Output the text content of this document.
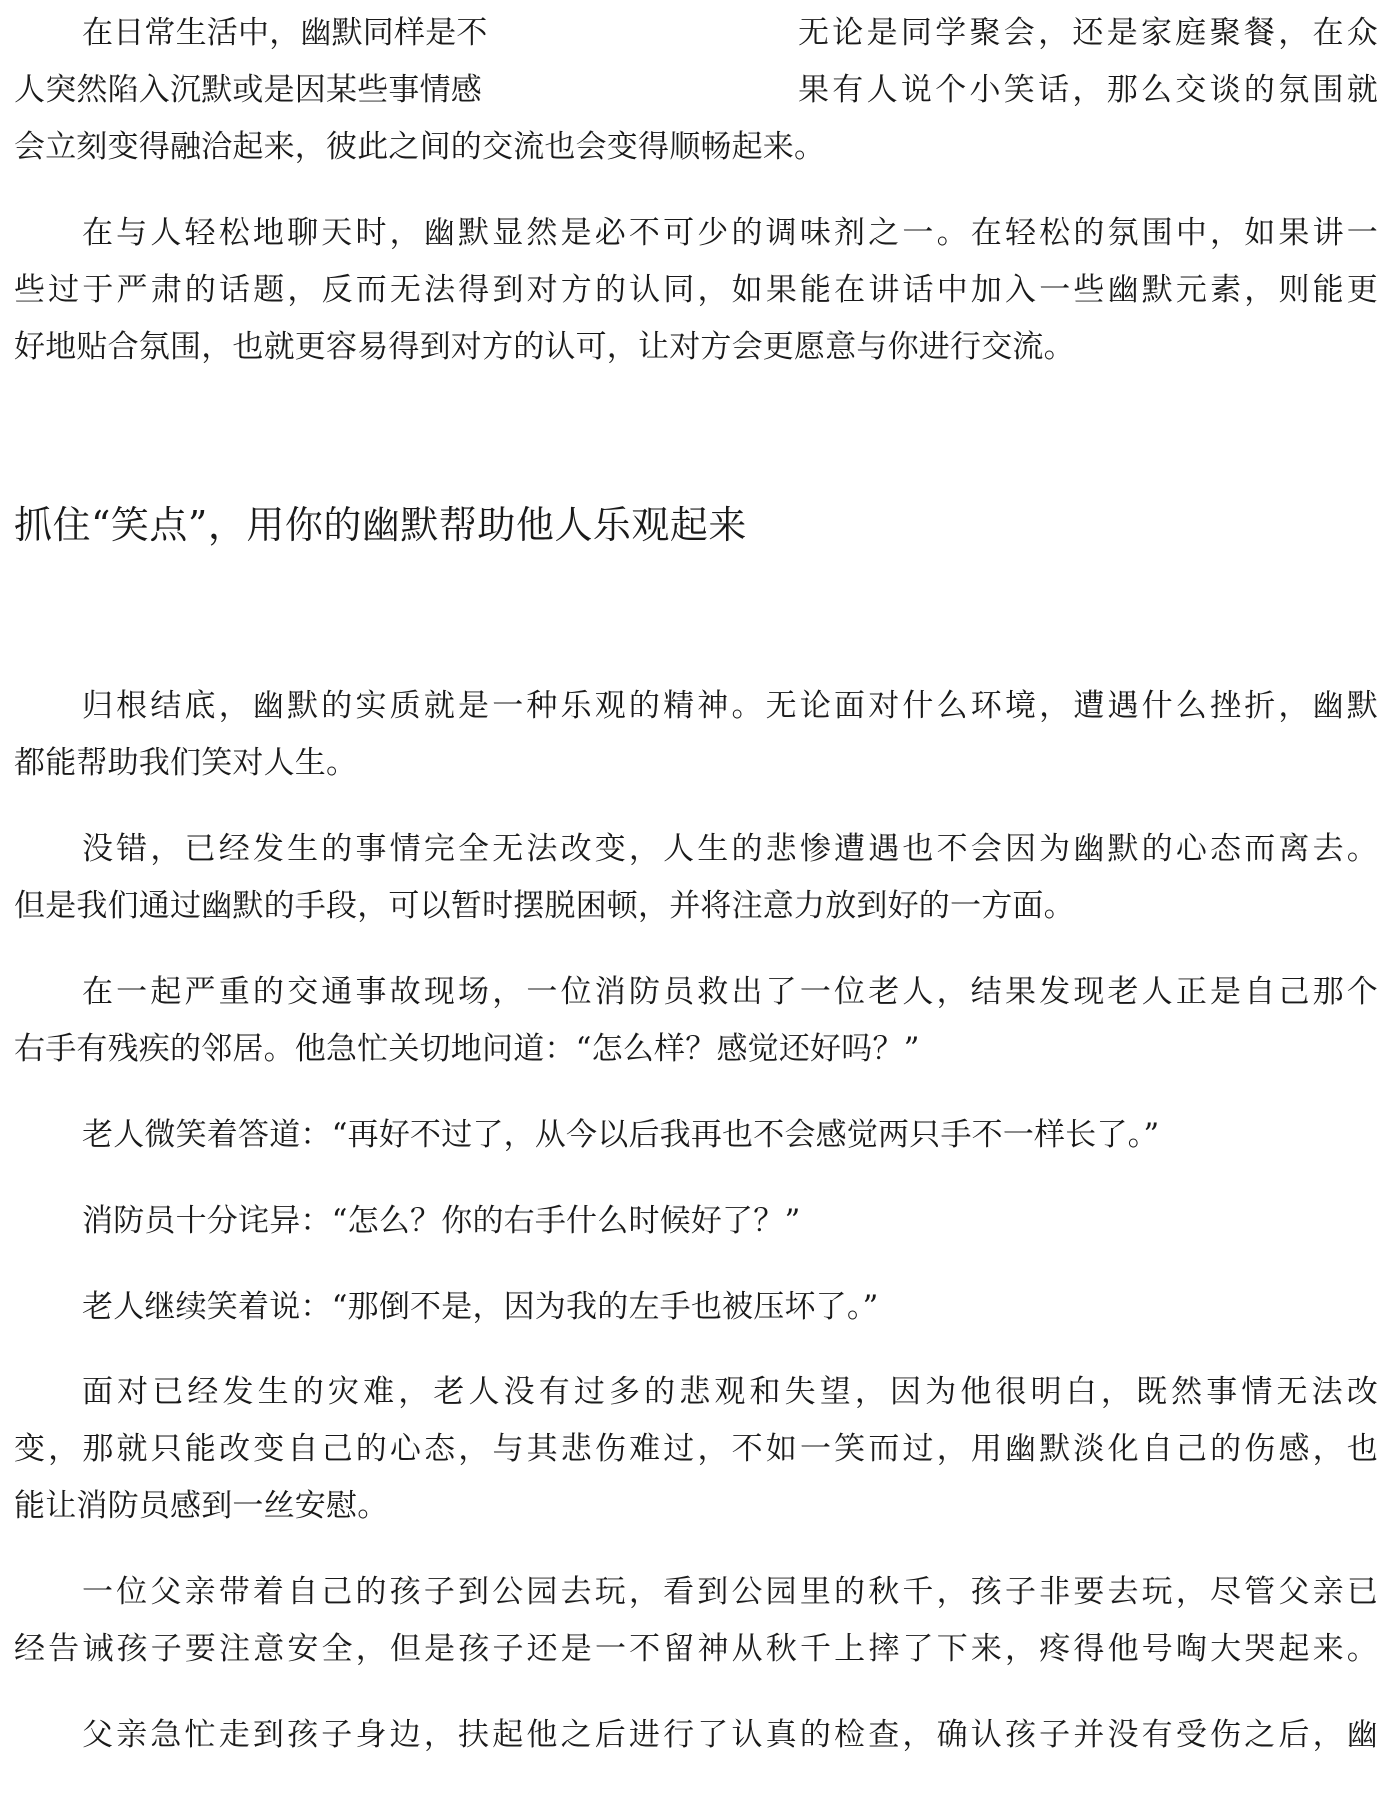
在日常生活中，幽默同样是不	无论是同学聚会，还是家庭聚餐，在众
人突然陷入沉默或是因某些事情感	果有人说个小笑话，那么交谈的氛围就
会立刻变得融洽起来，彼此之间的交流也会变得顺畅起来。
在与人轻松地聊天时，幽默显然是必不可少的调味剂之一。在轻松的氛围中，如果讲一
些过于严肃的话题，反而无法得到对方的认同，如果能在讲话中加入一些幽默元素，则能更
好地贴合氛围，也就更容易得到对方的认可，让对方会更愿意与你进行交流。
抓住“笑点”，用你的幽默帮助他人乐观起来
归根结底，幽默的实质就是一种乐观的精神。无论面对什么环境，遭遇什么挫折，幽默
都能帮助我们笑对人生。
没错，已经发生的事情完全无法改变，人生的悲惨遭遇也不会因为幽默的心态而离去。
但是我们通过幽默的手段，可以暂时摆脱困顿，并将注意力放到好的一方面。
在一起严重的交通事故现场，一位消防员救出了一位老人，结果发现老人正是自己那个
右手有残疾的邻居。他急忙关切地问道：“怎么样？感觉还好吗？”
老人微笑着答道：“再好不过了，从今以后我再也不会感觉两只手不一样长了。”
消防员十分诧异：“怎么？你的右手什么时候好了？”
老人继续笑着说：“那倒不是，因为我的左手也被压坏了。”
面对已经发生的灾难，老人没有过多的悲观和失望，因为他很明白，既然事情无法改
变，那就只能改变自己的心态，与其悲伤难过，不如一笑而过，用幽默淡化自己的伤感，也
能让消防员感到一丝安慰。
一位父亲带着自己的孩子到公园去玩，看到公园里的秋千，孩子非要去玩，尽管父亲已
经告诫孩子要注意安全，但是孩子还是一不留神从秋千上摔了下来，疼得他号啕大哭起来。
父亲急忙走到孩子身边，扶起他之后进行了认真的检查，确认孩子并没有受伤之后，幽
